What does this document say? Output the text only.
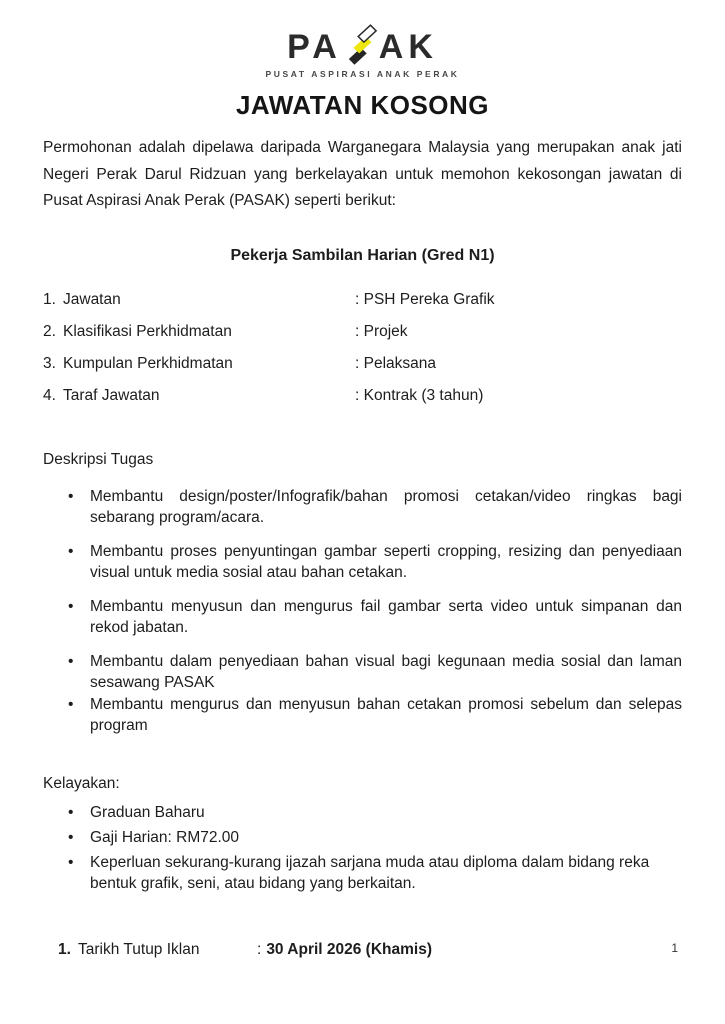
PA AK
PUSAT ASPIRASI ANAK PERAK
JAWATAN KOSONG

Permohonan adalah dipelawa daripada Warganegara Malaysia yang merupakan anak jati Negeri Perak Darul Ridzuan yang berkelayakan untuk memohon kekosongan jawatan di Pusat Aspirasi Anak Perak (PASAK) seperti berikut:

Pekerja Sambilan Harian (Gred N1)
1. Jawatan	: PSH Pereka Grafik
2. Klasifikasi Perkhidmatan	: Projek
3. Kumpulan Perkhidmatan	: Pelaksana
4. Taraf Jawatan	: Kontrak (3 tahun)
Deskripsi Tugas
• Membantu design/poster/Infografik/bahan promosi cetakan/video ringkas bagi sebarang program/acara.
• Membantu proses penyuntingan gambar seperti cropping, resizing dan penyediaan visual untuk media sosial atau bahan cetakan.
• Membantu menyusun dan mengurus fail gambar serta video untuk simpanan dan rekod jabatan.
• Membantu dalam penyediaan bahan visual bagi kegunaan media sosial dan laman sesawang PASAK
• Membantu mengurus dan menyusun bahan cetakan promosi sebelum dan selepas program
Kelayakan:
• Graduan Baharu
• Gaji Harian: RM72.00
• Keperluan sekurang-kurang ijazah sarjana muda atau diploma dalam bidang reka bentuk grafik, seni, atau bidang yang berkaitan.
1. Tarikh Tutup Iklan	: 30 April 2026 (Khamis)	1
